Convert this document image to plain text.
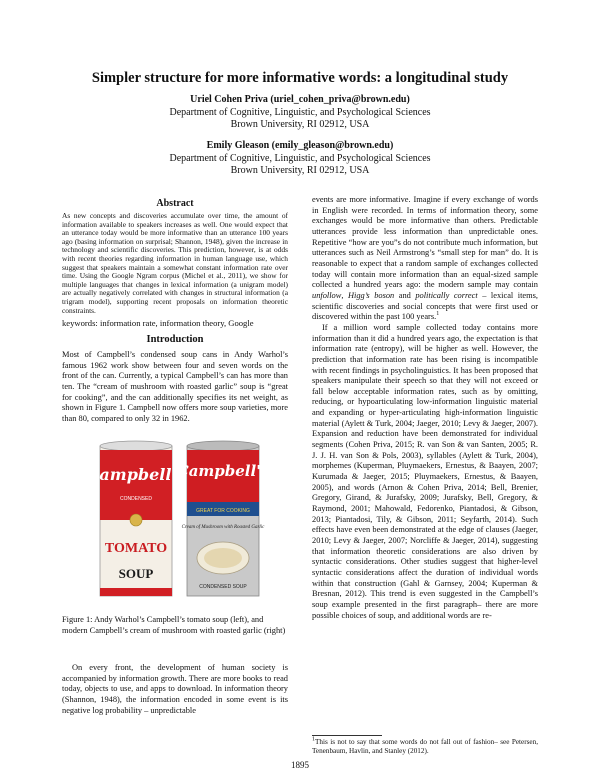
Simpler structure for more informative words: a longitudinal study
Uriel Cohen Priva (uriel_cohen_priva@brown.edu)
Department of Cognitive, Linguistic, and Psychological Sciences
Brown University, RI 02912, USA
Emily Gleason (emily_gleason@brown.edu)
Department of Cognitive, Linguistic, and Psychological Sciences
Brown University, RI 02912, USA
Abstract
As new concepts and discoveries accumulate over time, the amount of information available to speakers increases as well. One would expect that an utterance today would be more informative than an utterance 100 years ago (basing information on surprisal; Shannon, 1948), given the increase in technology and scientific discoveries. This prediction, however, is at odds with recent theories regarding information in human language use, which suggest that speakers maintain a somewhat constant information rate over time. Using the Google Ngram corpus (Michel et al., 2011), we show for multiple languages that changes in lexical information (a unigram model) are actually negatively correlated with changes in structural information (a trigram model), supporting recent proposals on information theoretic constraints.
keywords: information rate, information theory, Google
Introduction

Most of Campbell’s condensed soup cans in Andy Warhol’s famous 1962 work show between four and seven words on the front of the can. Currently, a typical Campbell’s can has more than ten. The “cream of mushroom with roasted garlic” soup is “great for cooking”, and the can additionally specifies its net weight, as shown in Figure 1. Campbell now offers more soup varieties, more than 80, compared to only 32 in 1962.

Campbell's
CONDENSED
TOMATO
SOUP
Campbell's
GREAT FOR COOKING
Cream of Mushroom with Roasted Garlic
CONDENSED SOUP
Figure 1: Andy Warhol’s Campbell’s tomato soup (left), and modern Campbell’s cream of mushroom with roasted garlic (right)

On every front, the development of human society is accompanied by information growth. There are more books to read today, objects to use, and apps to download. In information theory (Shannon, 1948), the information encoded in some event is its negative log probability – unpredictable

events are more informative. Imagine if every exchange of words in English were recorded. In terms of information theory, some exchanges would be more informative than others. Predictable utterances provide less information than unpredictable ones. Repetitive “how are you”s do not contribute much information, but utterances such as Neil Armstrong’s “small step for man” do. It is reasonable to expect that a random sample of exchanges collected today will contain more information than an equal-sized sample collected a hundred years ago: the modern sample may contain unfollow, Higg’s boson and politically correct – lexical items, scientific discoveries and social concepts that were first used or discovered within the past 100 years.$^1$

If a million word sample collected today contains more information than it did a hundred years ago, the expectation is that information rate (entropy), will be higher as well. However, the prediction that information rate has been rising is incompatible with recent findings in psycholinguistics. It has been proposed that speakers manipulate their speech so that they will not exceed or fall below acceptable information rates, such as by omitting, reducing, or hypoarticulating low-information linguistic material and expanding or hyper-articulating high-information linguistic material (Aylett & Turk, 2004; Jaeger, 2010; Levy & Jaeger, 2007). Expansion and reduction have been demonstrated for individual segments (Cohen Priva, 2015; R. van Son & van Santen, 2005; R. J. J. H. van Son & Pols, 2003), syllables (Aylett & Turk, 2004), morphemes (Kuperman, Pluymaekers, Ernestus, & Baayen, 2007; Kurumada & Jaeger, 2015; Pluymaekers, Ernestus, & Baayen, 2005), and words (Arnon & Cohen Priva, 2014; Bell, Brenier, Gregory, Girand, & Jurafsky, 2009; Jurafsky, Bell, Gregory, & Raymond, 2001; Mahowald, Fedorenko, Piantadosi, & Gibson, 2013; Piantadosi, Tily, & Gibson, 2011; Seyfarth, 2014). Such effects have even been demonstrated at the edge of clauses (Jaeger, 2010; Levy & Jaeger, 2007; Norcliffe & Jaeger, 2014), suggesting that information theoretic considerations are also driven by syntactic considerations. Other studies suggest that higher-level syntactic considerations affect the duration of individual words within that construction (Gahl & Garnsey, 2004; Kuperman & Bresnan, 2012). This trend is even suggested in the Campbell’s soup example presented in the first paragraph– there are more possible choices of soup, and additional words are re-

$^1$This is not to say that some words do not fall out of fashion– see Petersen, Tenenbaum, Havlin, and Stanley (2012).
1895
